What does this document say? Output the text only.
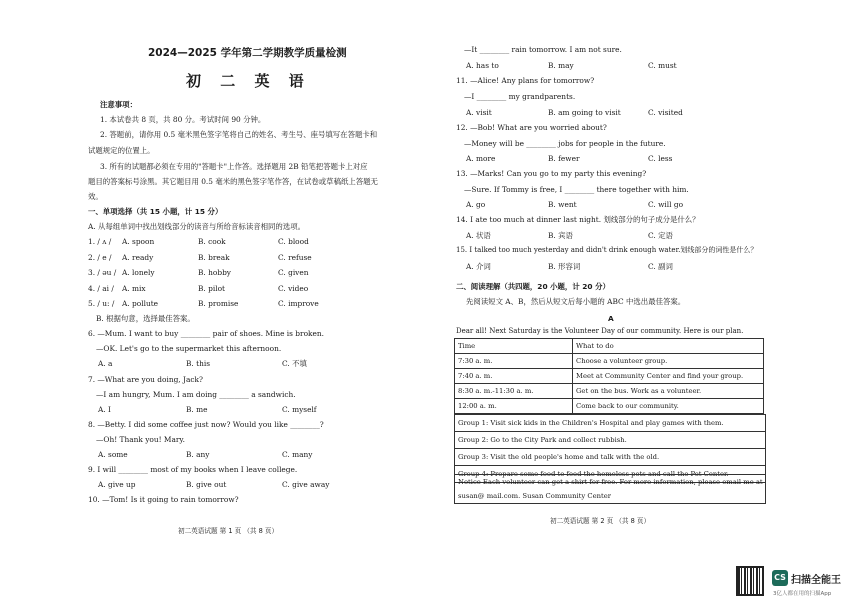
2024—2025 学年第二学期教学质量检测
初 二 英 语
注意事项：
1. 本试卷共 8 页，共 80 分。考试时间 90 分钟。
2. 答题前，请你用 0.5 毫米黑色签字笔将自己的姓名、考生号、座号填写在答题卡和
试题规定的位置上。
3. 所有的试题都必须在专用的"答题卡"上作答。选择题用 2B 铅笔把答题卡上对应
题目的答案标号涂黑。其它题目用 0.5 毫米的黑色签字笔作答，在试卷或草稿纸上答题无
效。
一、单项选择（共 15 小题，计 15 分）
A. 从每组单词中找出划线部分的读音与所给音标读音相同的选项。
1. / ʌ / A. spoon	B. cook	C. blood
2. / e / A. ready	B. break	C. refuse
3. / əu / A. lonely	B. hobby	C. given
4. / ai / A. mix	B. pilot	C. video
5. / u: / A. pollute	B. promise	C. improve
B. 根据句意，选择最佳答案。
6. —Mum. I want to buy ________ pair of shoes. Mine is broken.
—OK. Let's go to the supermarket this afternoon.
A. a	B. this	C. 不填
7. —What are you doing, Jack?
—I am hungry, Mum. I am doing ________ a sandwich.
A. I	B. me	C. myself
8. —Betty. I did some coffee just now? Would you like ________?
—Oh! Thank you! Mary.
A. some	B. any	C. many
9. I will ________ most of my books when I leave college.
A. give up	B. give out	C. give away
10. —Tom! Is it going to rain tomorrow?
初二英语试题 第 1 页 （共 8 页）
—It ________ rain tomorrow. I am not sure.
A. has to	B. may	C. must
11. —Alice! Any plans for tomorrow?
—I ________ my grandparents.
A. visit	B. am going to visit	C. visited
12. —Bob! What are you worried about?
—Money will be ________ jobs for people in the future.
A. more	B. fewer	C. less
13. —Marks! Can you go to my party this evening?
—Sure. If Tommy is free, I ________ there together with him.
A. go	B. went	C. will go
14. I ate too much at dinner last night. 划线部分的句子成分是什么？
A. 状语	B. 宾语	C. 定语
15. I talked too much yesterday and didn't drink enough water.划线部分的词性是什么？
A. 介词	B. 形容词	C. 副词
二、阅读理解（共四题，20 小题，计 20 分）
先阅读短文 A、B，然后从短文后每小题的 ABC 中选出最佳答案。
A
Dear all! Next Saturday is the Volunteer Day of our community. Here is our plan.
Time	What to do
7:30 a. m.	Choose a volunteer group.
7:40 a. m.	Meet at Community Center and find your group.
8:30 a. m.-11:30 a. m.	Get on the bus. Work as a volunteer.
12:00 a. m.	Come back to our community.
Group 1: Visit sick kids in the Children's Hospital and play games with them.
Group 2: Go to the City Park and collect rubbish.
Group 3: Visit the old people's home and talk with the old.
Group 4: Prepare some food to feed the homeless pets and call the Pet Center.
Notice Each volunteer can get a shirt for free. For more information, please email me at
susan@ mail.com. Susan Community Center
初二英语试题 第 2 页 （共 8 页）
CS 扫描全能王
3亿人都在用的扫描App
